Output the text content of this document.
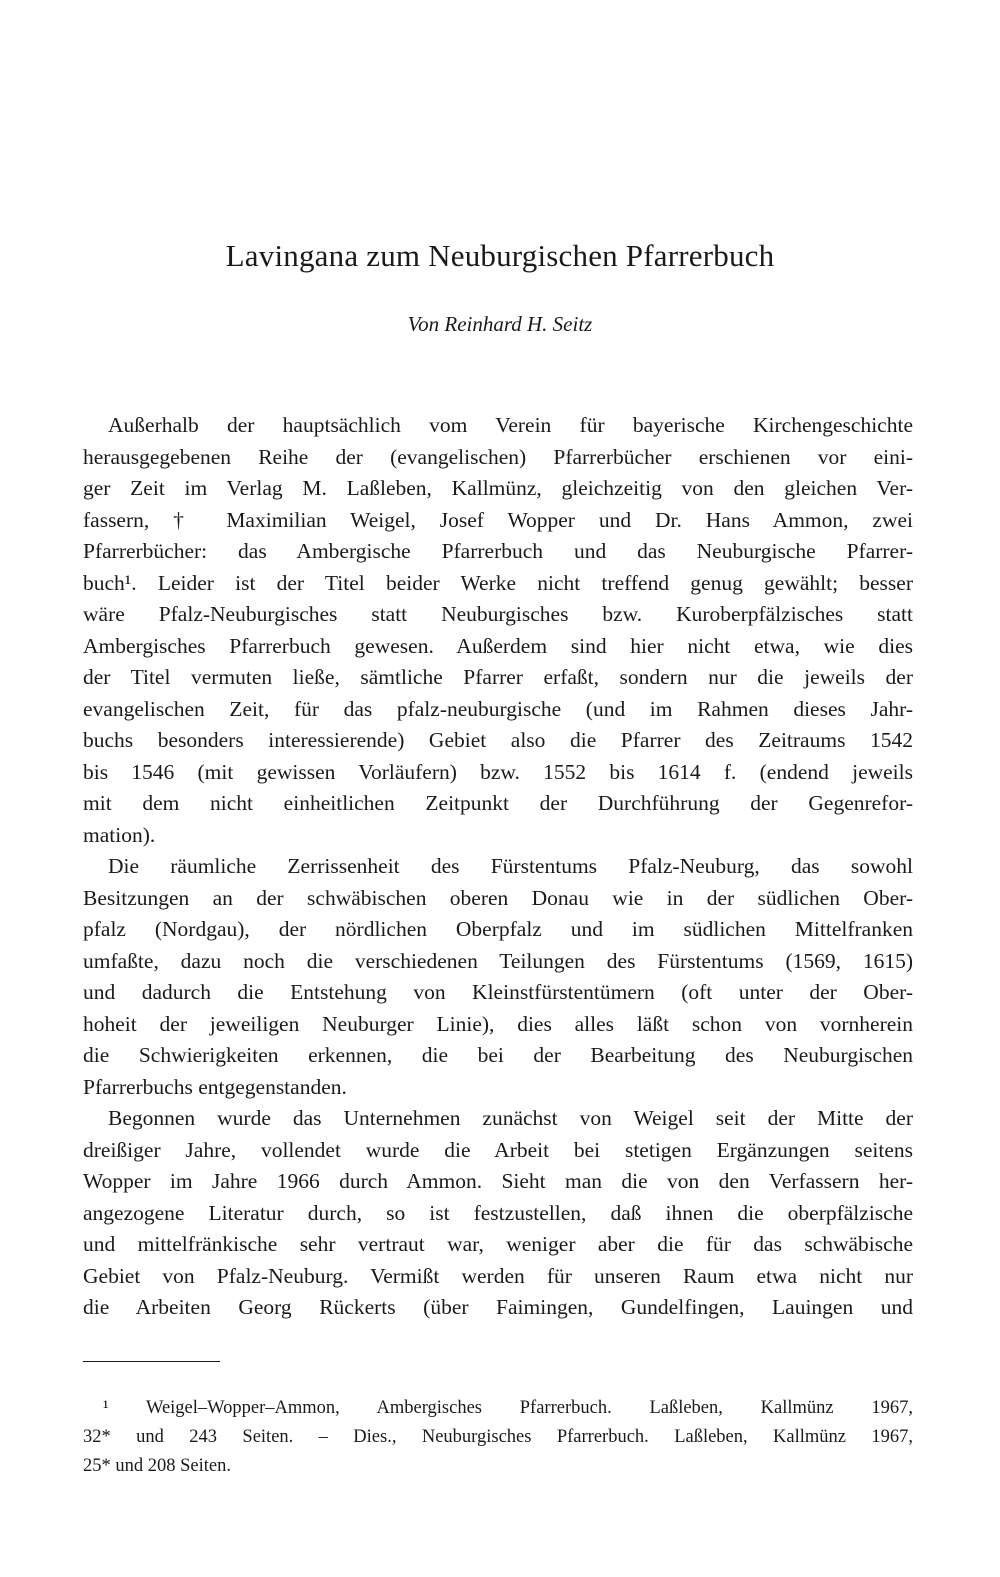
Lavingana zum Neuburgischen Pfarrerbuch

Von Reinhard H. Seitz

Außerhalb der hauptsächlich vom Verein für bayerische Kirchengeschichte
herausgegebenen Reihe der (evangelischen) Pfarrerbücher erschienen vor eini-
ger Zeit im Verlag M. Laßleben, Kallmünz, gleichzeitig von den gleichen Ver-
fassern, † Maximilian Weigel, Josef Wopper und Dr. Hans Ammon, zwei
Pfarrerbücher: das Ambergische Pfarrerbuch und das Neuburgische Pfarrer-
buch¹. Leider ist der Titel beider Werke nicht treffend genug gewählt; besser
wäre Pfalz-Neuburgisches statt Neuburgisches bzw. Kuroberpfälzisches statt
Ambergisches Pfarrerbuch gewesen. Außerdem sind hier nicht etwa, wie dies
der Titel vermuten ließe, sämtliche Pfarrer erfaßt, sondern nur die jeweils der
evangelischen Zeit, für das pfalz-neuburgische (und im Rahmen dieses Jahr-
buchs besonders interessierende) Gebiet also die Pfarrer des Zeitraums 1542
bis 1546 (mit gewissen Vorläufern) bzw. 1552 bis 1614 f. (endend jeweils
mit dem nicht einheitlichen Zeitpunkt der Durchführung der Gegenrefor-
mation).
Die räumliche Zerrissenheit des Fürstentums Pfalz-Neuburg, das sowohl
Besitzungen an der schwäbischen oberen Donau wie in der südlichen Ober-
pfalz (Nordgau), der nördlichen Oberpfalz und im südlichen Mittelfranken
umfaßte, dazu noch die verschiedenen Teilungen des Fürstentums (1569, 1615)
und dadurch die Entstehung von Kleinstfürstentümern (oft unter der Ober-
hoheit der jeweiligen Neuburger Linie), dies alles läßt schon von vornherein
die Schwierigkeiten erkennen, die bei der Bearbeitung des Neuburgischen
Pfarrerbuchs entgegenstanden.
Begonnen wurde das Unternehmen zunächst von Weigel seit der Mitte der
dreißiger Jahre, vollendet wurde die Arbeit bei stetigen Ergänzungen seitens
Wopper im Jahre 1966 durch Ammon. Sieht man die von den Verfassern her-
angezogene Literatur durch, so ist festzustellen, daß ihnen die oberpfälzische
und mittelfränkische sehr vertraut war, weniger aber die für das schwäbische
Gebiet von Pfalz-Neuburg. Vermißt werden für unseren Raum etwa nicht nur
die Arbeiten Georg Rückerts (über Faimingen, Gundelfingen, Lauingen und
¹ Weigel–Wopper–Ammon, Ambergisches Pfarrerbuch. Laßleben, Kallmünz 1967,
32* und 243 Seiten. – Dies., Neuburgisches Pfarrerbuch. Laßleben, Kallmünz 1967,
25* und 208 Seiten.
